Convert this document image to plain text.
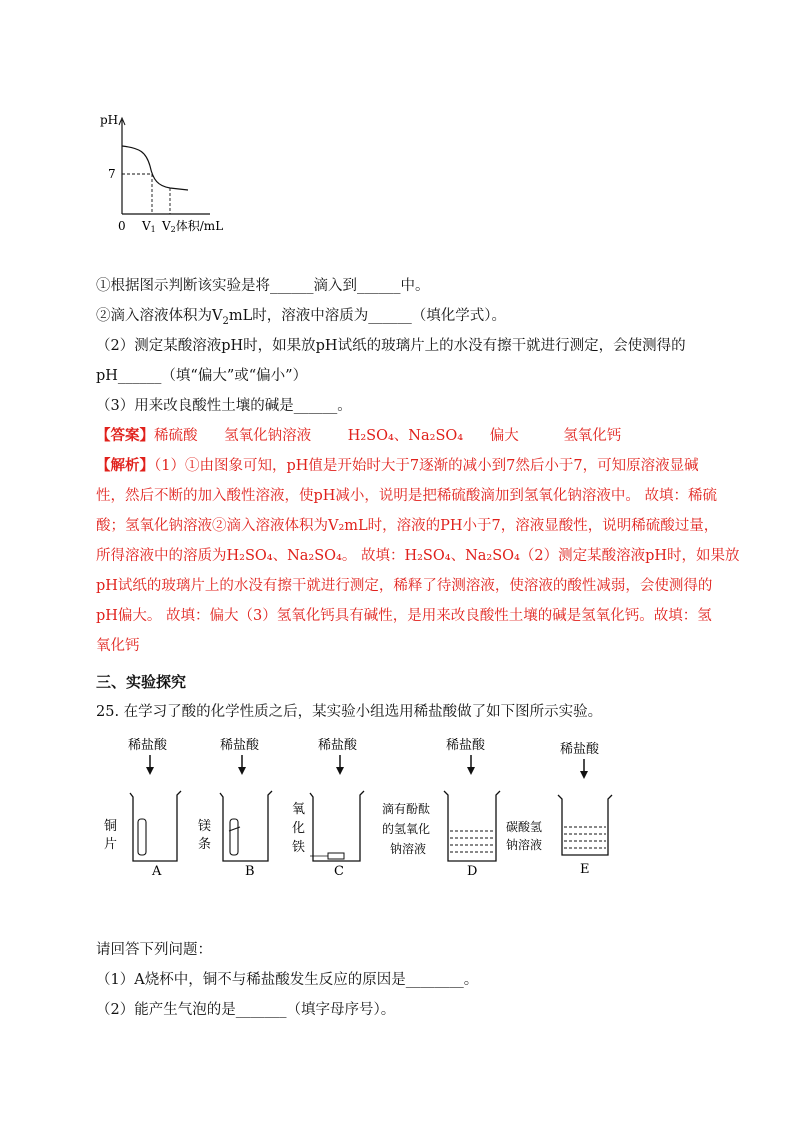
pH
7
0 V1 V2体积/mL
①根据图示判断该实验是将______滴入到______中。
②滴入溶液体积为$V_2mL$时，溶液中溶质为______（填化学式）。
（2）测定某酸溶液pH时，如果放pH试纸的玻璃片上的水没有擦干就进行测定，会使测得的
pH______（填“偏大”或“偏小”）
（3）用来改良酸性土壤的碱是______。
【答案】稀硫酸 氢氧化钠溶液	H₂SO₄、Na₂SO₄ 偏大	氢氧化钙
【解析】（1）①由图象可知，pH值是开始时大于7逐渐的减小到7然后小于7，可知原溶液显碱
性，然后不断的加入酸性溶液，使pH减小，说明是把稀硫酸滴加到氢氧化钠溶液中。 故填：稀硫
酸；氢氧化钠溶液②滴入溶液体积为V₂mL时，溶液的PH小于7，溶液显酸性，说明稀硫酸过量，
所得溶液中的溶质为H₂SO₄、Na₂SO₄。 故填：H₂SO₄、Na₂SO₄（2）测定某酸溶液pH时，如果放
pH试纸的玻璃片上的水没有擦干就进行测定，稀释了待测溶液，使溶液的酸性减弱，会使测得的
pH偏大。 故填：偏大（3）氢氧化钙具有碱性，是用来改良酸性土壤的碱是氢氧化钙。故填：氢
氧化钙
三、实验探究
25. 在学习了酸的化学性质之后，某实验小组选用稀盐酸做了如下图所示实验。
稀盐酸
铜
片
A
稀盐酸
镁
条
B
稀盐酸
氧
化
铁
C
稀盐酸
滴有酚酞
的氢氧化
钠溶液
D
稀盐酸
碳酸氢
钠溶液
E
请回答下列问题：
（1）A烧杯中，铜不与稀盐酸发生反应的原因是________。
（2）能产生气泡的是_______（填字母序号）。
